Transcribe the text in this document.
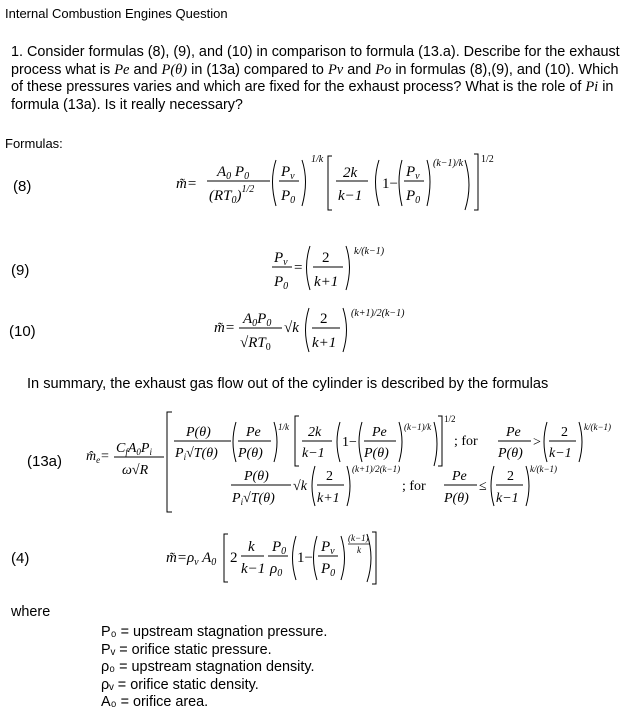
Internal Combustion Engines Question
1. Consider formulas (8), (9), and (10) in comparison to formula (13.a). Describe for the exhaust process what is Pe and P(θ) in (13a) compared to Pv and Po in formulas (8),(9), and (10). Which of these pressures varies and which are fixed for the exhaust process? What is the role of Pi in formula (13a). Is it really necessary?
Formulas:
(8)
(9)
(10)
(13a)
(4)
m̃=
$A_0$ $P_0$
$(RT_0)^{1/2}$
$P_v$
$P_0$
1/k
2k
k−1
1−
$P_v$
$P_0$
(k−1)/k 1/2
$P_v$
$P_0$
=
2
k+1
k/(k−1)
m̃=
$A_0P_0$
$√RT_0$
√k
2
k+1
(k+1)/2(k−1)
In summary, the exhaust gas flow out of the cylinder is described by the formulas
$m̂_e=$
$C_fA_0P_i$
ω√R
P(θ)
$P_i√T(\theta)$
Pe
P(θ)
1/k 2k
k−1
1−
Pe
P(θ)
(k−1)/k
1/2
; for
Pe
P(θ)
>
2
k−1
k/(k−1)
P(θ)
$P_i√T(\theta)$
√k
2
k+1
(k+1)/2(k−1)
; for
Pe
P(θ)
≤
2
k−1
k/(k−1)
$m̃=\rho_v$ $A_0$ 2
k
k−1
$P_0$
$\rho_0$
1−
$P_v$
$P_0$
(k−1)
k
where
P₀ = upstream stagnation pressure.
Pᵥ = orifice static pressure.
ρ₀ = upstream stagnation density.
ρᵥ = orifice static density.
A₀ = orifice area.
